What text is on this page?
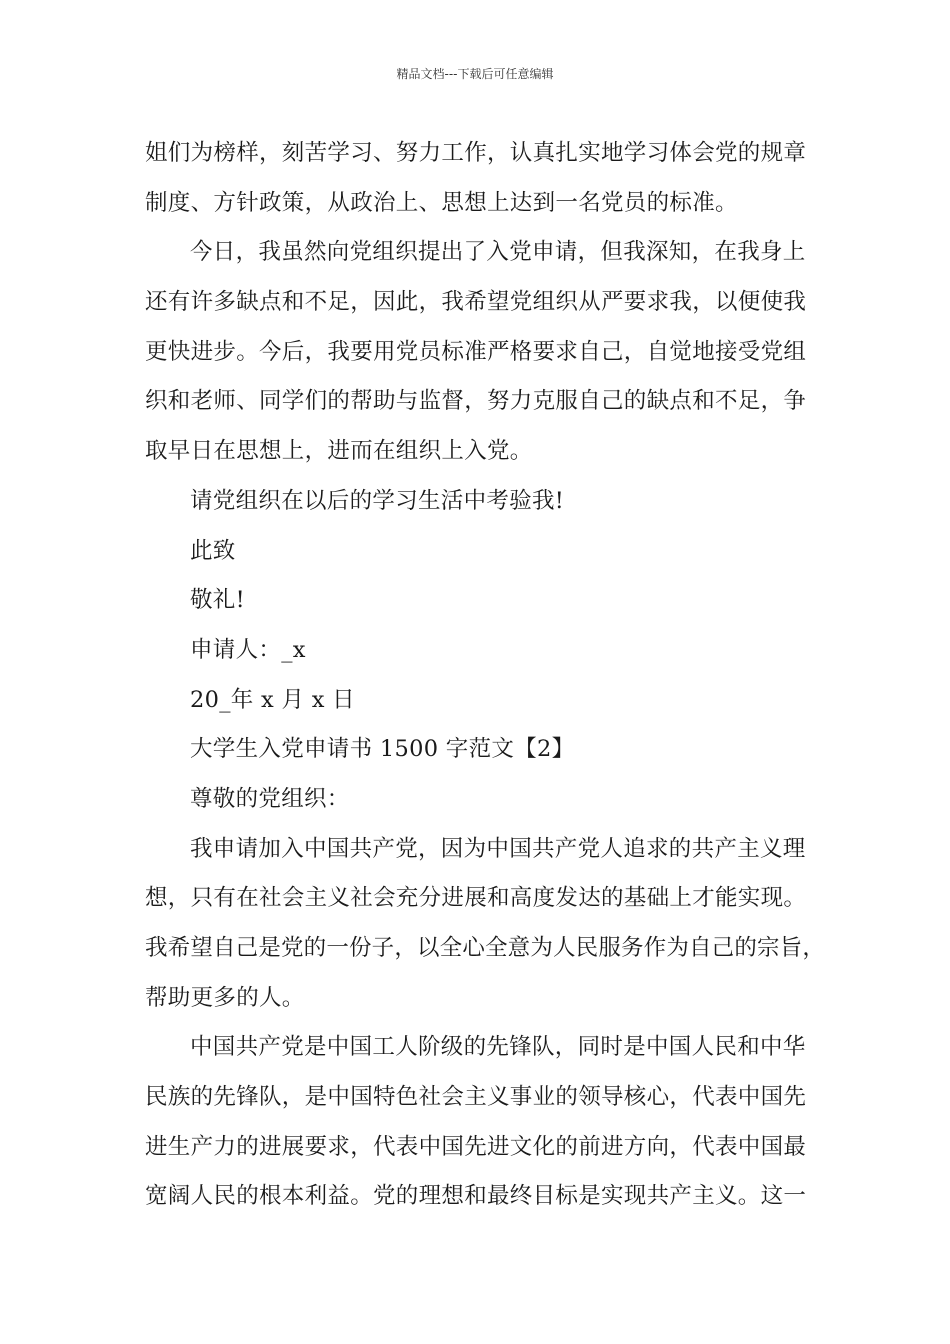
精品文档---下载后可任意编辑
姐们为榜样，刻苦学习、努力工作，认真扎实地学习体会党的规章
制度、方针政策，从政治上、思想上达到一名党员的标准。
今日，我虽然向党组织提出了入党申请，但我深知，在我身上
还有许多缺点和不足，因此，我希望党组织从严要求我，以便使我
更快进步。今后，我要用党员标准严格要求自己，自觉地接受党组
织和老师、同学们的帮助与监督，努力克服自己的缺点和不足，争
取早日在思想上，进而在组织上入党。
请党组织在以后的学习生活中考验我!
此致
敬礼!
申请人：_x
20_年 x 月 x 日
大学生入党申请书 1500 字范文【2】
尊敬的党组织：
我申请加入中国共产党，因为中国共产党人追求的共产主义理
想，只有在社会主义社会充分进展和高度发达的基础上才能实现。
我希望自己是党的一份子，以全心全意为人民服务作为自己的宗旨，
帮助更多的人。
中国共产党是中国工人阶级的先锋队，同时是中国人民和中华
民族的先锋队，是中国特色社会主义事业的领导核心，代表中国先
进生产力的进展要求，代表中国先进文化的前进方向，代表中国最
宽阔人民的根本利益。党的理想和最终目标是实现共产主义。这一
